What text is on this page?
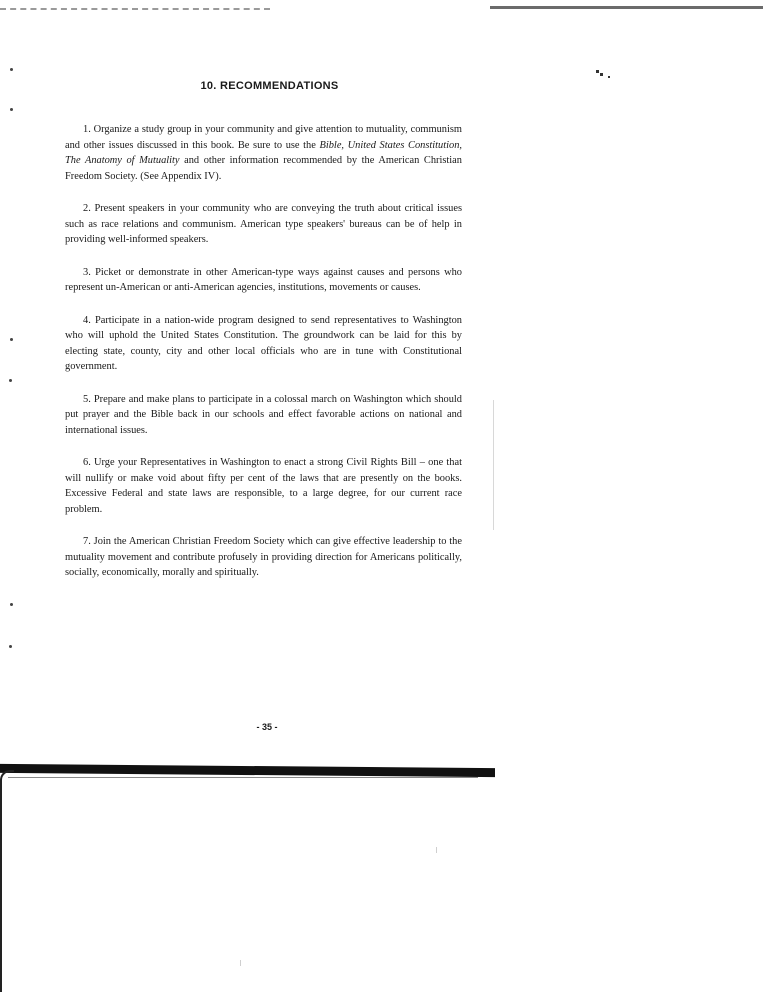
10. RECOMMENDATIONS

1. Organize a study group in your community and give attention to mutuality, communism and other issues discussed in this book. Be sure to use the Bible, United States Constitution, The Anatomy of Mutuality and other information recommended by the American Christian Freedom Society. (See Appendix IV).

2. Present speakers in your community who are conveying the truth about critical issues such as race relations and communism. American type speakers' bureaus can be of help in providing well-informed speakers.

3. Picket or demonstrate in other American-type ways against causes and persons who represent un-American or anti-American agencies, institutions, movements or causes.

4. Participate in a nation-wide program designed to send representatives to Washington who will uphold the United States Constitution. The groundwork can be laid for this by electing state, county, city and other local officials who are in tune with Constitutional government.

5. Prepare and make plans to participate in a colossal march on Washington which should put prayer and the Bible back in our schools and effect favorable actions on national and international issues.

6. Urge your Representatives in Washington to enact a strong Civil Rights Bill – one that will nullify or make void about fifty per cent of the laws that are presently on the books. Excessive Federal and state laws are responsible, to a large degree, for our current race problem.

7. Join the American Christian Freedom Society which can give effective leadership to the mutuality movement and contribute profusely in providing direction for Americans politically, socially, economically, morally and spiritually.

- 35 -
